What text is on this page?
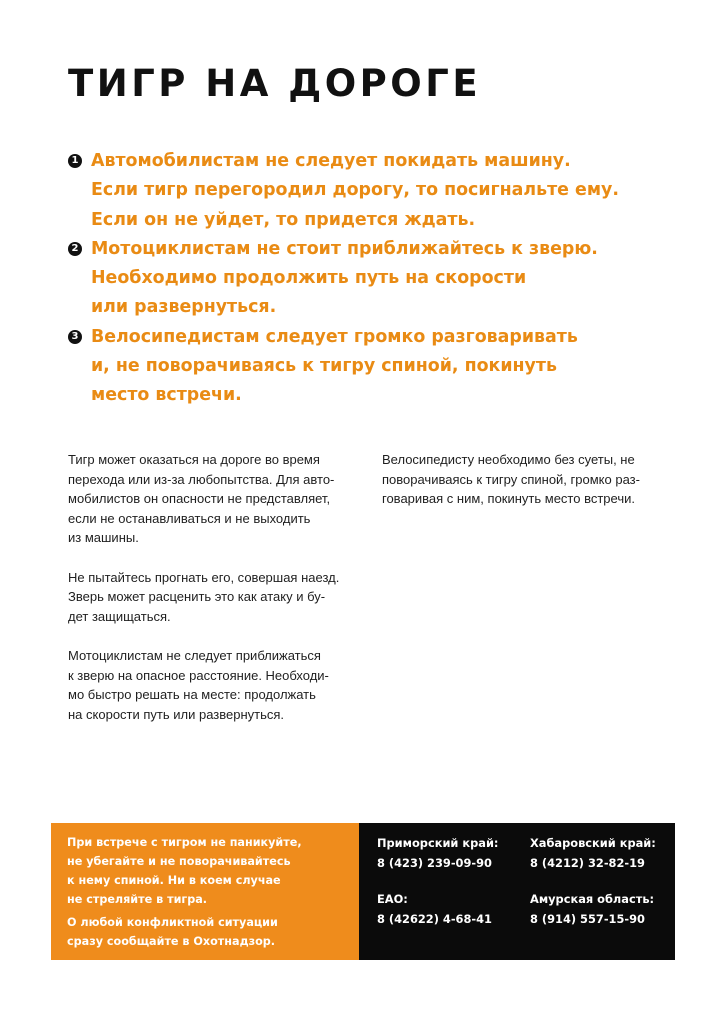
ТИГР НА ДОРОГЕ
1 Автомобилистам не следует покидать машину.
Если тигр перегородил дорогу, то посигнальте ему.
Если он не уйдет, то придется ждать.
2 Мотоциклистам не стоит приближайтесь к зверю.
Необходимо продолжить путь на скорости
или развернуться.
3 Велосипедистам следует громко разговаривать
и, не поворачиваясь к тигру спиной, покинуть
место встречи.

Тигр может оказаться на дороге во время
перехода или из-за любопытства. Для авто-
мобилистов он опасности не представляет,
если не останавливаться и не выходить
из машины.

Не пытайтесь прогнать его, совершая наезд.
Зверь может расценить это как атаку и бу-
дет защищаться.

Мотоциклистам не следует приближаться
к зверю на опасное расстояние. Необходи-
мо быстро решать на месте: продолжать
на скорости путь или развернуться.

Велосипедисту необходимо без суеты, не
поворачиваясь к тигру спиной, громко раз-
говаривая с ним, покинуть место встречи.

При встрече с тигром не паникуйте,
не убегайте и не поворачивайтесь
к нему спиной. Ни в коем случае
не стреляйте в тигра.
О любой конфликтной ситуации
сразу сообщайте в Охотнадзор.
Приморский край:
8 (423) 239-09-90
Хабаровский край:
8 (4212) 32-82-19
ЕАО:
8 (42622) 4-68-41
Амурская область:
8 (914) 557-15-90
